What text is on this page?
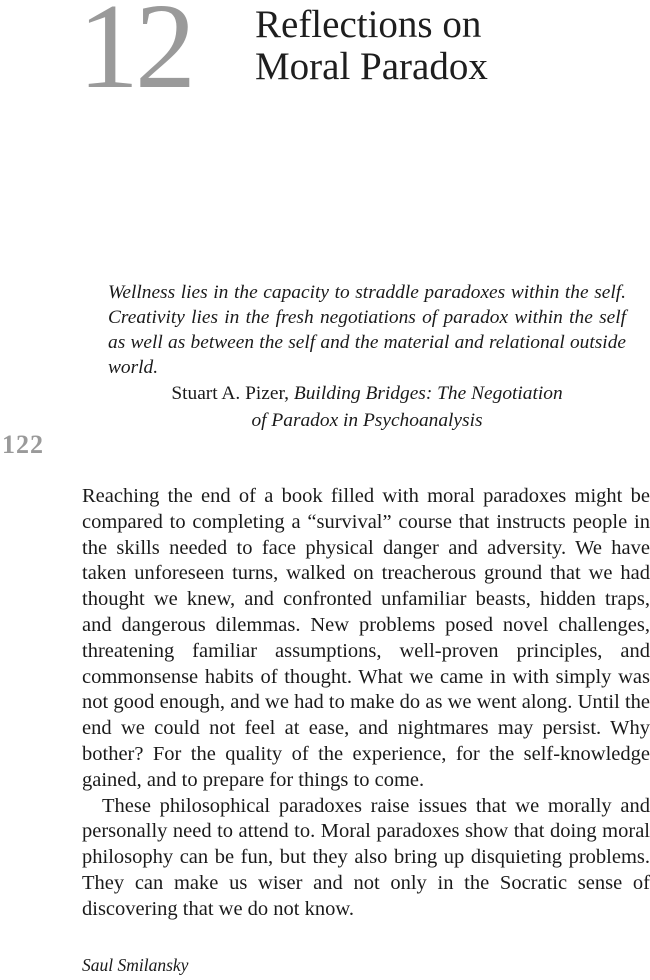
12 Reflections on
Moral Paradox

Wellness lies in the capacity to straddle paradoxes within the self. Creativity lies in the fresh negotiations of paradox within the self as well as between the self and the material and relational outside world.

Stuart A. Pizer, Building Bridges: The Negotiation
of Paradox in Psychoanalysis

122

Reaching the end of a book filled with moral paradoxes might be compared to completing a “survival” course that instructs people in the skills needed to face physical danger and adversity. We have taken unforeseen turns, walked on treacherous ground that we had thought we knew, and confronted unfamiliar beasts, hidden traps, and dangerous dilemmas. New problems posed novel challenges, threatening familiar assumptions, well-proven principles, and commonsense habits of thought. What we came in with simply was not good enough, and we had to make do as we went along. Until the end we could not feel at ease, and nightmares may persist. Why bother? For the quality of the experience, for the self-knowledge gained, and to prepare for things to come.

These philosophical paradoxes raise issues that we morally and personally need to attend to. Moral paradoxes show that doing moral philosophy can be fun, but they also bring up disquieting problems. They can make us wiser and not only in the Socratic sense of discovering that we do not know.

Saul Smilansky
